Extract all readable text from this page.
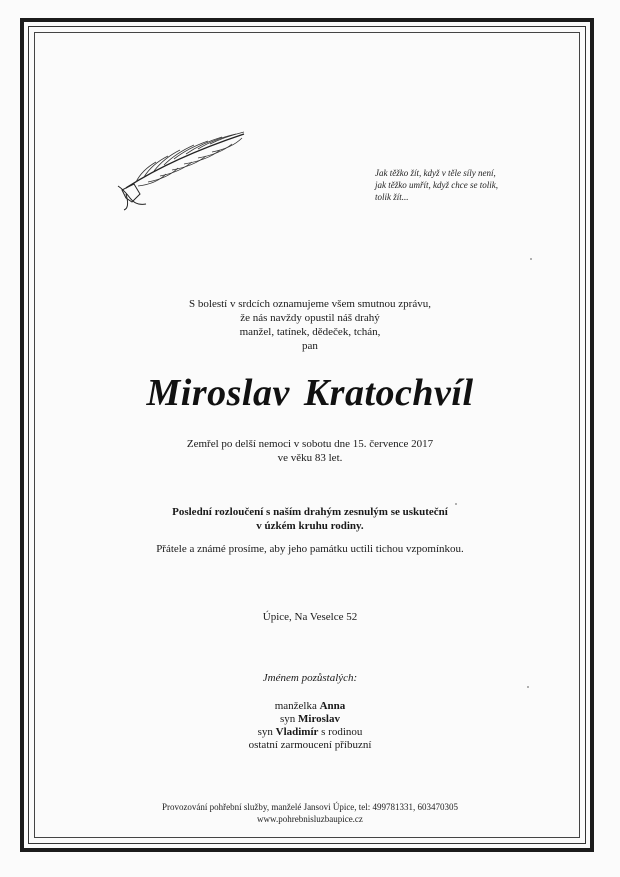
Jak těžko žít, když v těle síly není,
jak těžko umřít, když chce se tolik,
tolik žít...
S bolestí v srdcích oznamujeme všem smutnou zprávu,
že nás navždy opustil náš drahý
manžel, tatínek, dědeček, tchán,
pan
Miroslav Kratochvíl
Zemřel po delší nemoci v sobotu dne 15. července 2017
ve věku 83 let.
Poslední rozloučení s naším drahým zesnulým se uskuteční
v úzkém kruhu rodiny.
Přátele a známé prosíme, aby jeho památku uctili tichou vzpomínkou.
Úpice, Na Veselce 52
Jménem pozůstalých:
manželka Anna
syn Miroslav
syn Vladimír s rodinou
ostatní zarmoucení příbuzní
Provozování pohřební služby, manželé Jansovi Úpice, tel: 499781331, 603470305
www.pohrebnisluzbaupice.cz
